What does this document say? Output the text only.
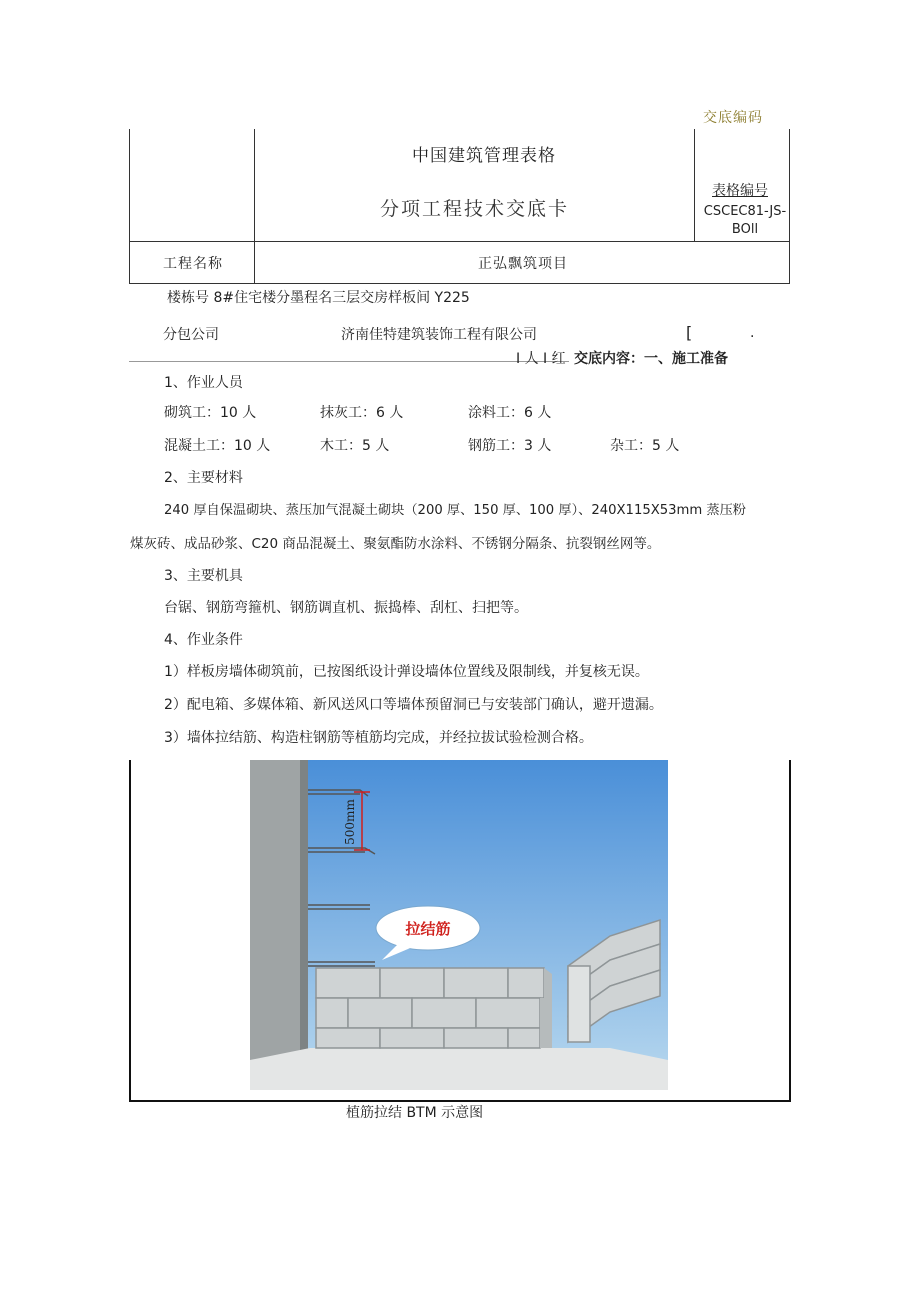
交底编码
中国建筑管理表格
分项工程技术交底卡
表格编号
CSCEC81-JS-BOll
工程名称	正弘飘筑项目
楼栋号 8#住宅楼分墨程名三层交房样板间 Y225
分包公司	济南佳特建筑装饰工程有限公司	[	.
I 人 I 红 交底内容：一、施工准备
1、作业人员
砌筑工：10 人	抹灰工：6 人	涂料工：6 人
混凝土工：10 人	木工：5 人	钢筋工：3 人	杂工：5 人
2、主要材料
240 厚自保温砌块、蒸压加气混凝土砌块（200 厚、150 厚、100 厚）、240X115X53mm 蒸压粉
煤灰砖、成品砂浆、C20 商品混凝土、聚氨酯防水涂料、不锈钢分隔条、抗裂钢丝网等。
3、主要机具
台锯、钢筋弯箍机、钢筋调直机、振捣棒、刮杠、扫把等。
4、作业条件
1）样板房墙体砌筑前，已按图纸设计弹设墙体位置线及限制线，并复核无误。
2）配电箱、多媒体箱、新风送风口等墙体预留洞已与安装部门确认，避开遗漏。
3）墙体拉结筋、构造柱钢筋等植筋均完成，并经拉拔试验检测合格。
500mm
拉结筋
植筋拉结 BTM 示意图
